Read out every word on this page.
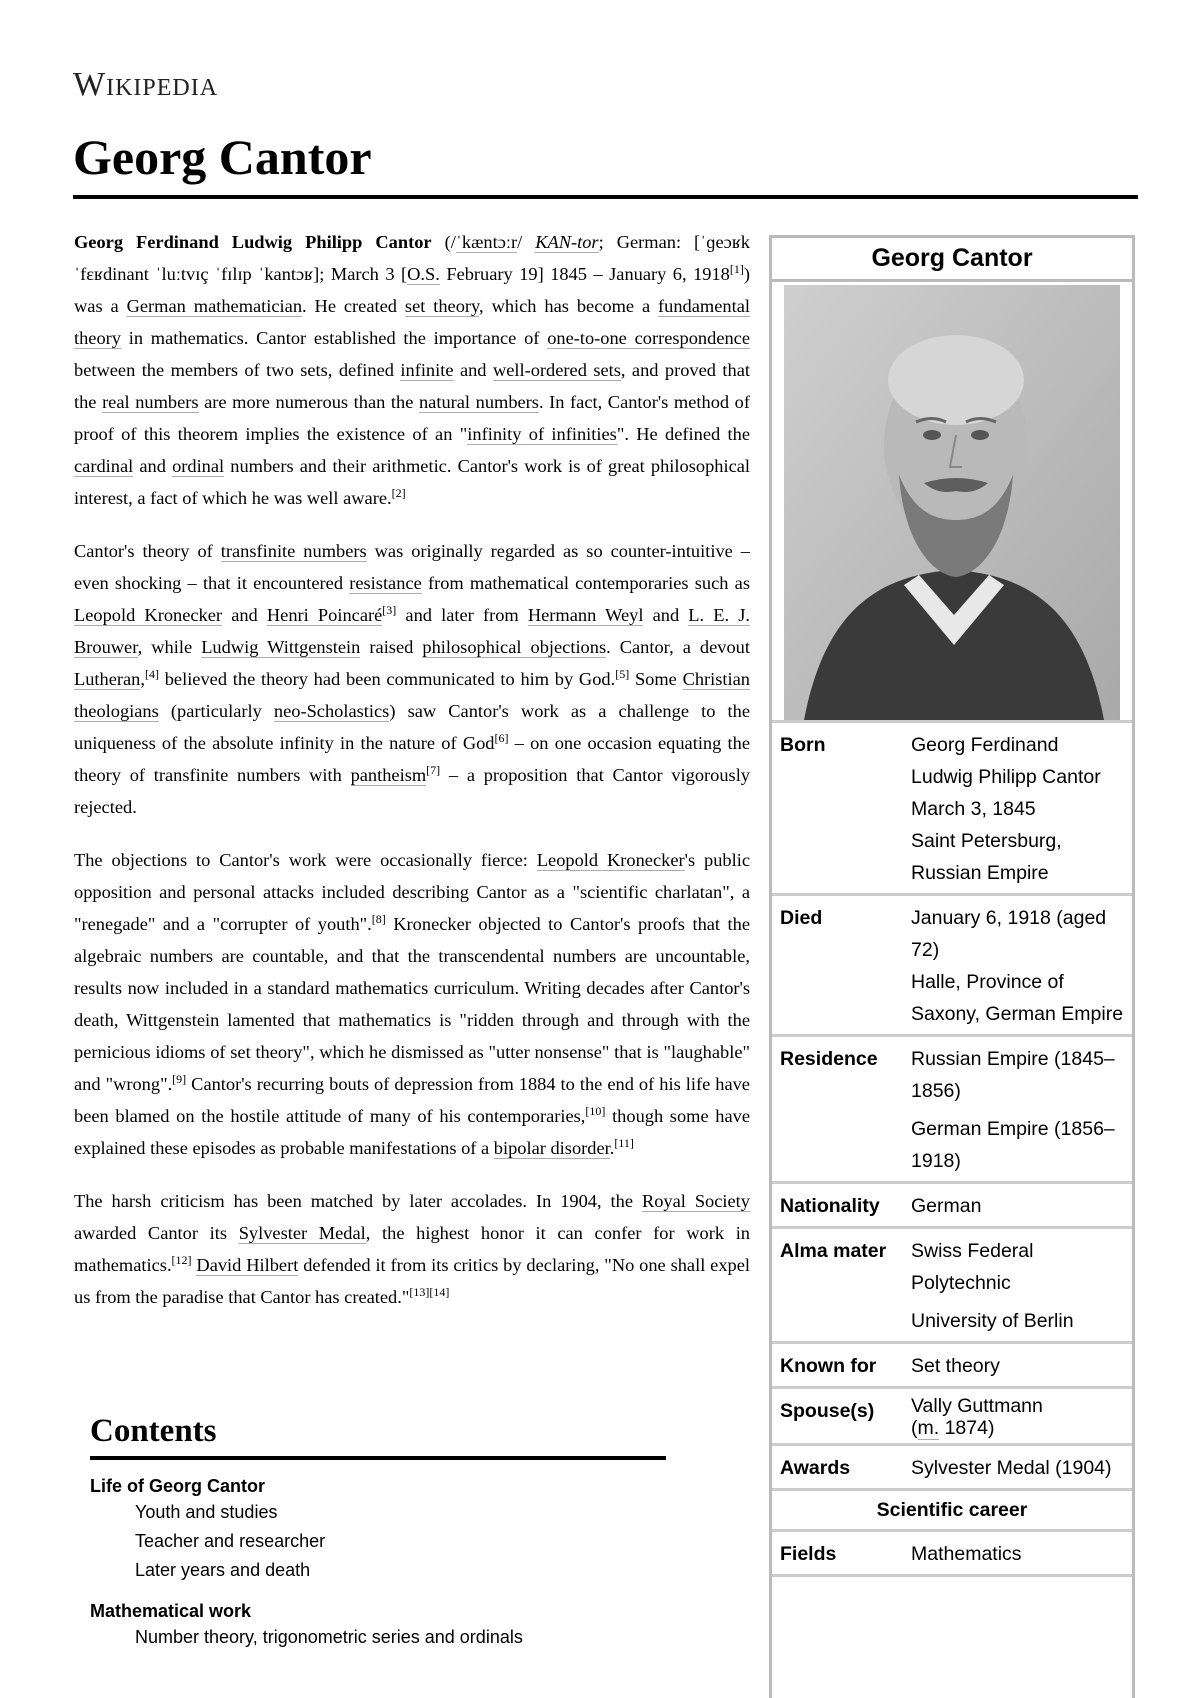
Wikipedia
Georg Cantor

Georg Ferdinand Ludwig Philipp Cantor (/ˈkæntɔːr/ KAN-tor; German: [ˈɡeɔʁk ˈfɛʁdinant ˈluːtvɪç ˈfɪlɪp ˈkantɔʁ]; March 3 [O.S. February 19] 1845 – January 6, 1918[1]) was a German mathematician. He created set theory, which has become a fundamental theory in mathematics. Cantor established the importance of one-to-one correspondence between the members of two sets, defined infinite and well-ordered sets, and proved that the real numbers are more numerous than the natural numbers. In fact, Cantor's method of proof of this theorem implies the existence of an "infinity of infinities". He defined the cardinal and ordinal numbers and their arithmetic. Cantor's work is of great philosophical interest, a fact of which he was well aware.[2]

Cantor's theory of transfinite numbers was originally regarded as so counter-intuitive – even shocking – that it encountered resistance from mathematical contemporaries such as Leopold Kronecker and Henri Poincaré[3] and later from Hermann Weyl and L. E. J. Brouwer, while Ludwig Wittgenstein raised philosophical objections. Cantor, a devout Lutheran,[4] believed the theory had been communicated to him by God.[5] Some Christian theologians (particularly neo-Scholastics) saw Cantor's work as a challenge to the uniqueness of the absolute infinity in the nature of God[6] – on one occasion equating the theory of transfinite numbers with pantheism[7] – a proposition that Cantor vigorously rejected.

The objections to Cantor's work were occasionally fierce: Leopold Kronecker's public opposition and personal attacks included describing Cantor as a "scientific charlatan", a "renegade" and a "corrupter of youth".[8] Kronecker objected to Cantor's proofs that the algebraic numbers are countable, and that the transcendental numbers are uncountable, results now included in a standard mathematics curriculum. Writing decades after Cantor's death, Wittgenstein lamented that mathematics is "ridden through and through with the pernicious idioms of set theory", which he dismissed as "utter nonsense" that is "laughable" and "wrong".[9] Cantor's recurring bouts of depression from 1884 to the end of his life have been blamed on the hostile attitude of many of his contemporaries,[10] though some have explained these episodes as probable manifestations of a bipolar disorder.[11]

The harsh criticism has been matched by later accolades. In 1904, the Royal Society awarded Cantor its Sylvester Medal, the highest honor it can confer for work in mathematics.[12] David Hilbert defended it from its critics by declaring, "No one shall expel us from the paradise that Cantor has created."[13][14]

Contents
Life of Georg Cantor
Youth and studies
Teacher and researcher
Later years and death
Mathematical work
Number theory, trigonometric series and ordinals
Georg Cantor
Born	Georg Ferdinand Ludwig Philipp Cantor
March 3, 1845
Saint Petersburg, Russian Empire
Died	January 6, 1918 (aged 72)
Halle, Province of Saxony, German Empire
Residence	Russian Empire (1845–1856)
German Empire (1856–1918)
Nationality	German
Alma mater	Swiss Federal Polytechnic
University of Berlin
Known for	Set theory
Spouse(s)	Vally Guttmann
(m. 1874)
Awards	Sylvester Medal (1904)
Scientific career
Fields	Mathematics
